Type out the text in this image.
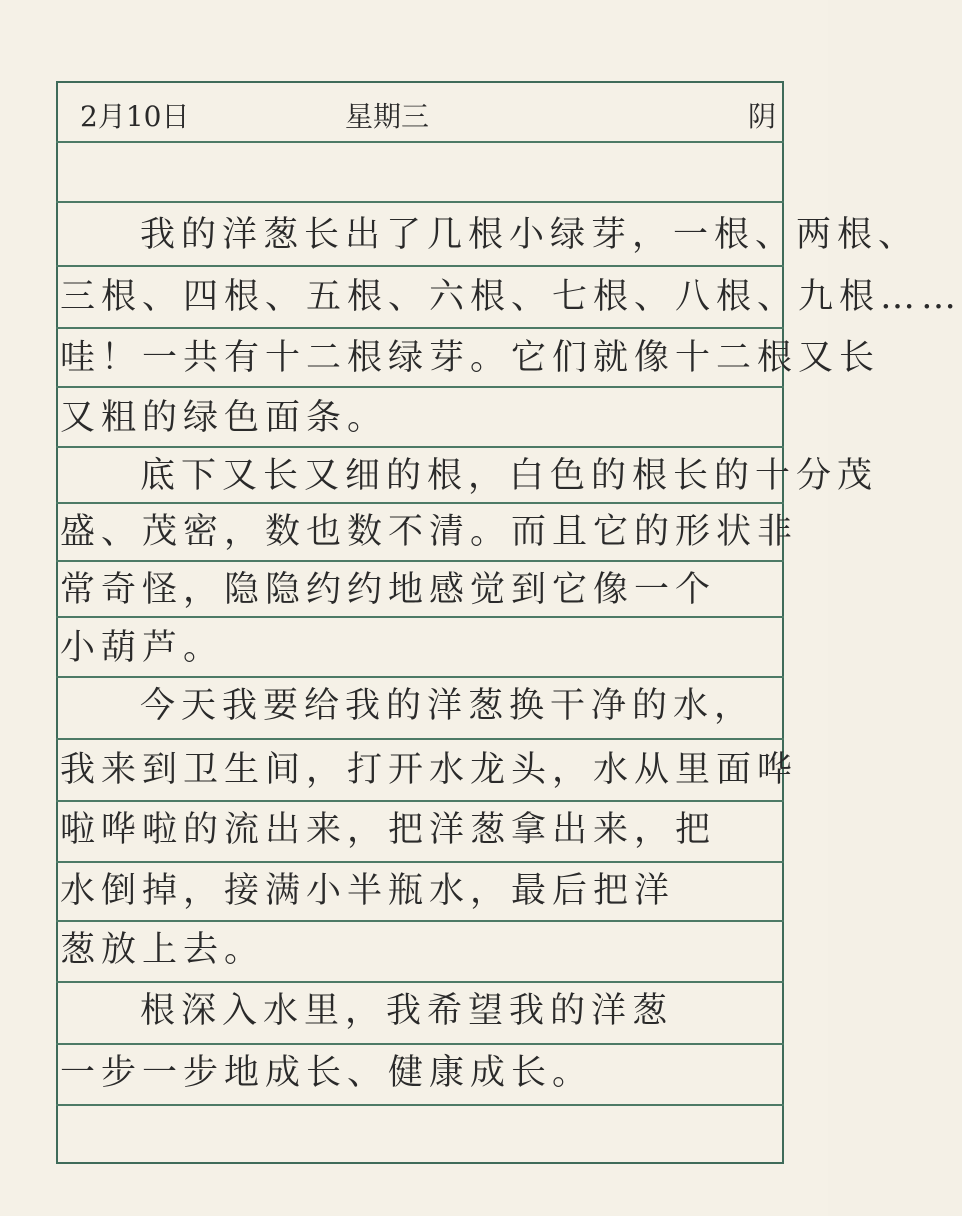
2月10日	星期三	阴
我的洋葱长出了几根小绿芽，一根、两根、
三根、四根、五根、六根、七根、八根、九根……
哇！一共有十二根绿芽。它们就像十二根又长
又粗的绿色面条。
底下又长又细的根，白色的根长的十分茂
盛、茂密，数也数不清。而且它的形状非
常奇怪，隐隐约约地感觉到它像一个
小葫芦。
今天我要给我的洋葱换干净的水，
我来到卫生间，打开水龙头，水从里面哗
啦哗啦的流出来，把洋葱拿出来，把
水倒掉，接满小半瓶水，最后把洋
葱放上去。
根深入水里，我希望我的洋葱
一步一步地成长、健康成长。
